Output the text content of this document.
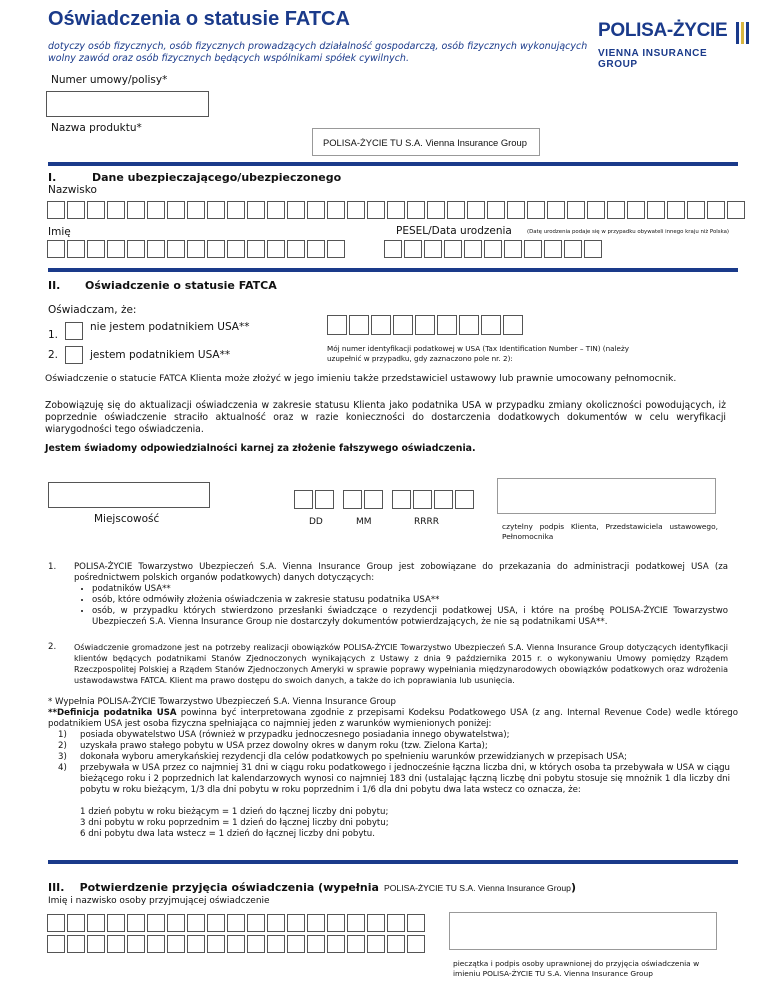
Oświadczenia o statusie FATCA
dotyczy osób fizycznych, osób fizycznych prowadzących działalność gospodarczą, osób fizycznych wykonujących wolny zawód oraz osób fizycznych będących wspólnikami spółek cywilnych.
POLISA-ŻYCIE
VIENNA INSURANCE GROUP
Numer umowy/polisy*
Nazwa produktu*
POLISA-ŻYCIE TU S.A. Vienna Insurance Group
I.	Dane ubezpieczającego/ubezpieczonego
Nazwisko
Imię	PESEL/Data urodzenia	(Datę urodzenia podaje się w przypadku obywateli innego kraju niż Polska)
II. Oświadczenie o statusie FATCA
Oświadczam, że:
1.
nie jestem podatnikiem USA**
2.	jestem podatnikiem USA**
Mój numer identyfikacji podatkowej w USA (Tax Identification Number – TIN) (należy uzupełnić w przypadku, gdy zaznaczono pole nr. 2):
Oświadczenie o statucie FATCA Klienta może złożyć w jego imieniu także przedstawiciel ustawowy lub prawnie umocowany pełnomocnik.
Zobowiązuję się do aktualizacji oświadczenia w zakresie statusu Klienta jako podatnika USA w przypadku zmiany okoliczności powodujących, iż poprzednie oświadczenie straciło aktualność oraz w razie konieczności do dostarczenia dodatkowych dokumentów w celu weryfikacji wiarygodności tego oświadczenia.
Jestem świadomy odpowiedzialności karnej za złożenie fałszywego oświadczenia.
Miejscowość	DD	MM	RRRR	czytelny podpis Klienta, Przedstawiciela ustawowego, Pełnomocnika
1. POLISA-ŻYCIE Towarzystwo Ubezpieczeń S.A. Vienna Insurance Group jest zobowiązane do przekazania do administracji podatkowej USA (za pośrednictwem polskich organów podatkowych) danych dotyczących:
• podatników USA**
• osób, które odmówiły złożenia oświadczenia w zakresie statusu podatnika USA**
• osób, w przypadku których stwierdzono przesłanki świadczące o rezydencji podatkowej USA, i które na prośbę POLISA-ŻYCIE Towarzystwo Ubezpieczeń S.A. Vienna Insurance Group nie dostarczyły dokumentów potwierdzających, że nie są podatnikami USA**.
2. Oświadczenie gromadzone jest na potrzeby realizacji obowiązków POLISA-ŻYCIE Towarzystwo Ubezpieczeń S.A. Vienna Insurance Group dotyczących identyfikacji klientów będących podatnikami Stanów Zjednoczonych wynikających z Ustawy z dnia 9 października 2015 r. o wykonywaniu Umowy pomiędzy Rządem Rzeczpospolitej Polskiej a Rządem Stanów Zjednoczonych Ameryki w sprawie poprawy wypełniania międzynarodowych obowiązków podatkowych oraz wdrożenia ustawodawstwa FATCA. Klient ma prawo dostępu do swoich danych, a także do ich poprawiania lub usunięcia.
* Wypełnia POLISA-ŻYCIE Towarzystwo Ubezpieczeń S.A. Vienna Insurance Group
**Definicja podatnika USA powinna być interpretowana zgodnie z przepisami Kodeksu Podatkowego USA (z ang. Internal Revenue Code) wedle którego podatnikiem USA jest osoba fizyczna spełniająca co najmniej jeden z warunków wymienionych poniżej:
1)	posiada obywatelstwo USA (również w przypadku jednoczesnego posiadania innego obywatelstwa);
2)	uzyskała prawo stałego pobytu w USA przez dowolny okres w danym roku (tzw. Zielona Karta);
3)	dokonała wyboru amerykańskiej rezydencji dla celów podatkowych po spełnieniu warunków przewidzianych w przepisach USA;
4)	przebywała w USA przez co najmniej 31 dni w ciągu roku podatkowego i jednocześnie łączna liczba dni, w których osoba ta przebywała w USA w ciągu bieżącego roku i 2 poprzednich lat kalendarzowych wynosi co najmniej 183 dni (ustalając łączną liczbę dni pobytu stosuje się mnożnik 1 dla liczby dni pobytu w roku bieżącym, 1/3 dla dni pobytu w roku poprzednim i 1/6 dla dni pobytu dwa lata wstecz co oznacza, że:
1 dzień pobytu w roku bieżącym = 1 dzień do łącznej liczby dni pobytu;
3 dni pobytu w roku poprzednim = 1 dzień do łącznej liczby dni pobytu;
6 dni pobytu dwa lata wstecz = 1 dzień do łącznej liczby dni pobytu.
III. Potwierdzenie przyjęcia oświadczenia (wypełnia POLISA-ŻYCIE TU S.A. Vienna Insurance Group)
Imię i nazwisko osoby przyjmującej oświadczenie
pieczątka i podpis osoby uprawnionej do przyjęcia oświadczenia w imieniu POLISA-ŻYCIE TU S.A. Vienna Insurance Group
